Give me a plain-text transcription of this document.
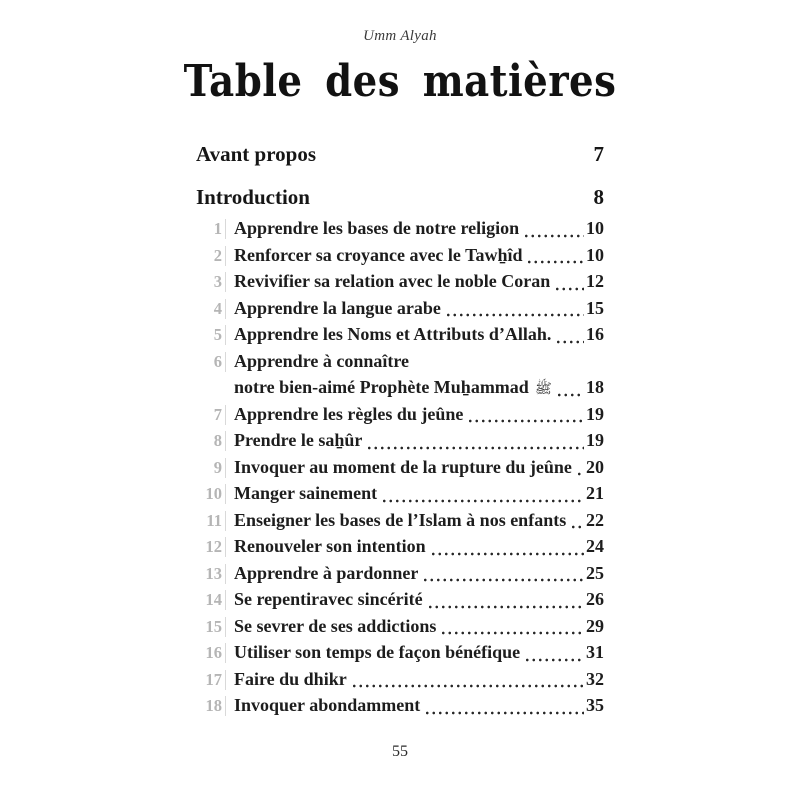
Umm Alyah
Table des matières
Avant propos	7
Introduction	8
1 Apprendre les bases de notre religion	10
2 Renforcer sa croyance avec le Tawẖîd	10
3 Revivifier sa relation avec le noble Coran 12
4 Apprendre la langue arabe	15
5 Apprendre les Noms et Attributs d’Allah. 16
6 Apprendre à connaître
notre bien-aimé Prophète Muẖammad ﷺ 18
7 Apprendre les règles du jeûne	19
8 Prendre le saẖûr	19
9 Invoquer au moment de la rupture du jeûne 20
10 Manger sainement	21
11 Enseigner les bases de l’Islam à nos enfants 22
12 Renouveler son intention	24
13 Apprendre à pardonner	25
14 Se repentiravec sincérité	26
15 Se sevrer de ses addictions	29
16 Utiliser son temps de façon bénéfique	31
17 Faire du dhikr	32
18 Invoquer abondamment	35
55
